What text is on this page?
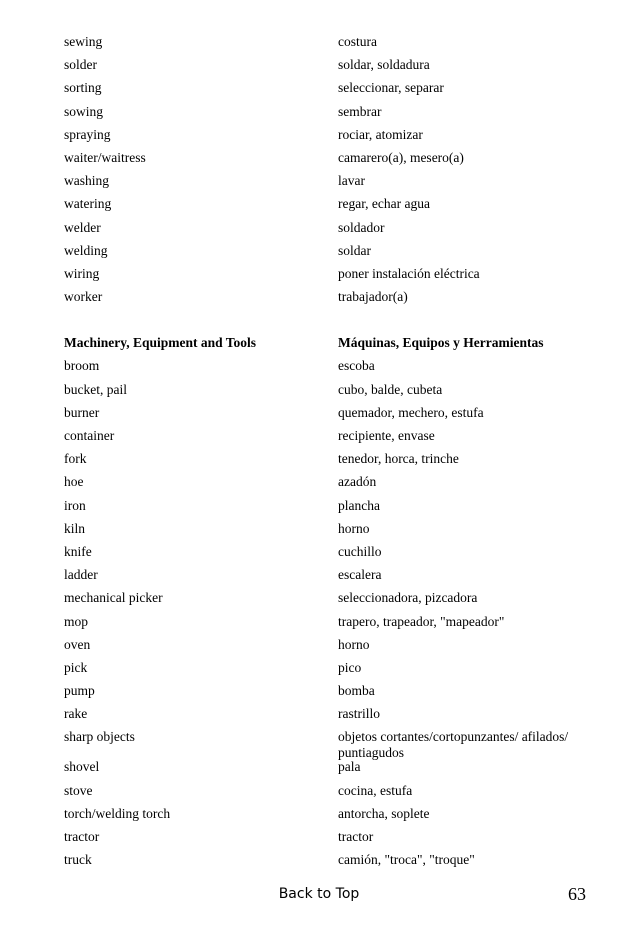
sewing	costura
solder	soldar, soldadura
sorting	seleccionar, separar
sowing	sembrar
spraying	rociar, atomizar
waiter/waitress	camarero(a), mesero(a)
washing	lavar
watering	regar, echar agua
welder	soldador
welding	soldar
wiring	poner instalación eléctrica
worker	trabajador(a)
Machinery, Equipment and Tools	Máquinas, Equipos y Herramientas
broom	escoba
bucket, pail	cubo, balde, cubeta
burner	quemador, mechero, estufa
container	recipiente, envase
fork	tenedor, horca, trinche
hoe	azadón
iron	plancha
kiln	horno
knife	cuchillo
ladder	escalera
mechanical picker	seleccionadora, pizcadora
mop	trapero, trapeador, "mapeador"
oven	horno
pick	pico
pump	bomba
rake	rastrillo
sharp objects	objetos cortantes/cortopunzantes/ afilados/ puntiagudos
shovel	pala
stove	cocina, estufa
torch/welding torch	antorcha, soplete
tractor	tractor
truck	camión, "troca", "troque"
Back to Top	63
